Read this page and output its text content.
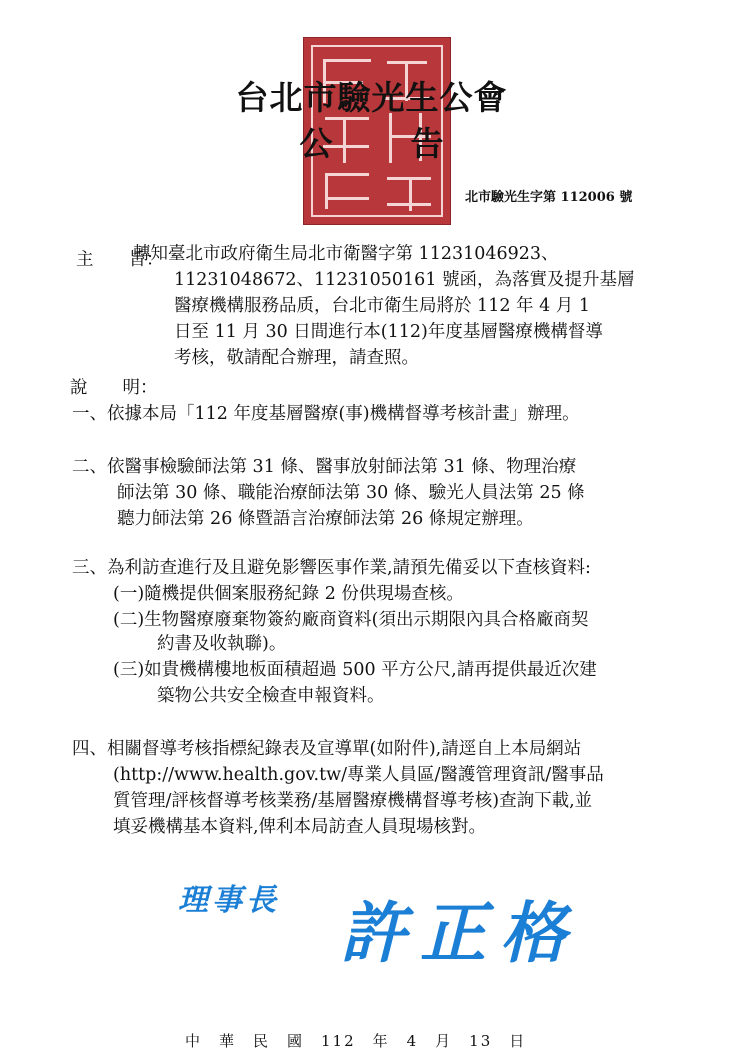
台北市驗光生公會
公告
北市驗光生字第 112006 號
主　　旨：
轉知臺北市政府衛生局北市衛醫字第 11231046923、
11231048672、11231050161 號函，為落實及提升基層
醫療機構服務品质，台北市衛生局將於 112 年 4 月 1
日至 11 月 30 日間進行本(112)年度基層醫療機構督導
考核，敬請配合辦理，請查照。
說　　明：
一、依據本局「112 年度基層醫療(事)機構督導考核計畫」辦理。
二、依醫事檢驗師法第 31 條、醫事放射師法第 31 條、物理治療
師法第 30 條、職能治療師法第 30 條、驗光人員法第 25 條
聽力師法第 26 條暨語言治療師法第 26 條規定辦理。
三、為利訪查進行及且避免影響医事作業,請預先備妥以下查核資料:
(一)隨機提供個案服務紀錄 2 份供現場查核。
(二)生物醫療廢棄物簽約廠商資料(須出示期限內具合格廠商契
約書及收執聯)。
(三)如貴機構樓地板面積超過 500 平方公尺,請再提供最近次建
築物公共安全檢查申報資料。
四、相關督導考核指標紀錄表及宣導單(如附件),請逕自上本局網站
(http://www.health.gov.tw/專業人員區/醫護管理資訊/醫事品
質管理/評核督導考核業務/基層醫療機構督導考核)查詢下載,並
填妥機構基本資料,俾利本局訪查人員現場核對。
理事長 許正格
中　華　民　國　112　年　4　月　13　日
